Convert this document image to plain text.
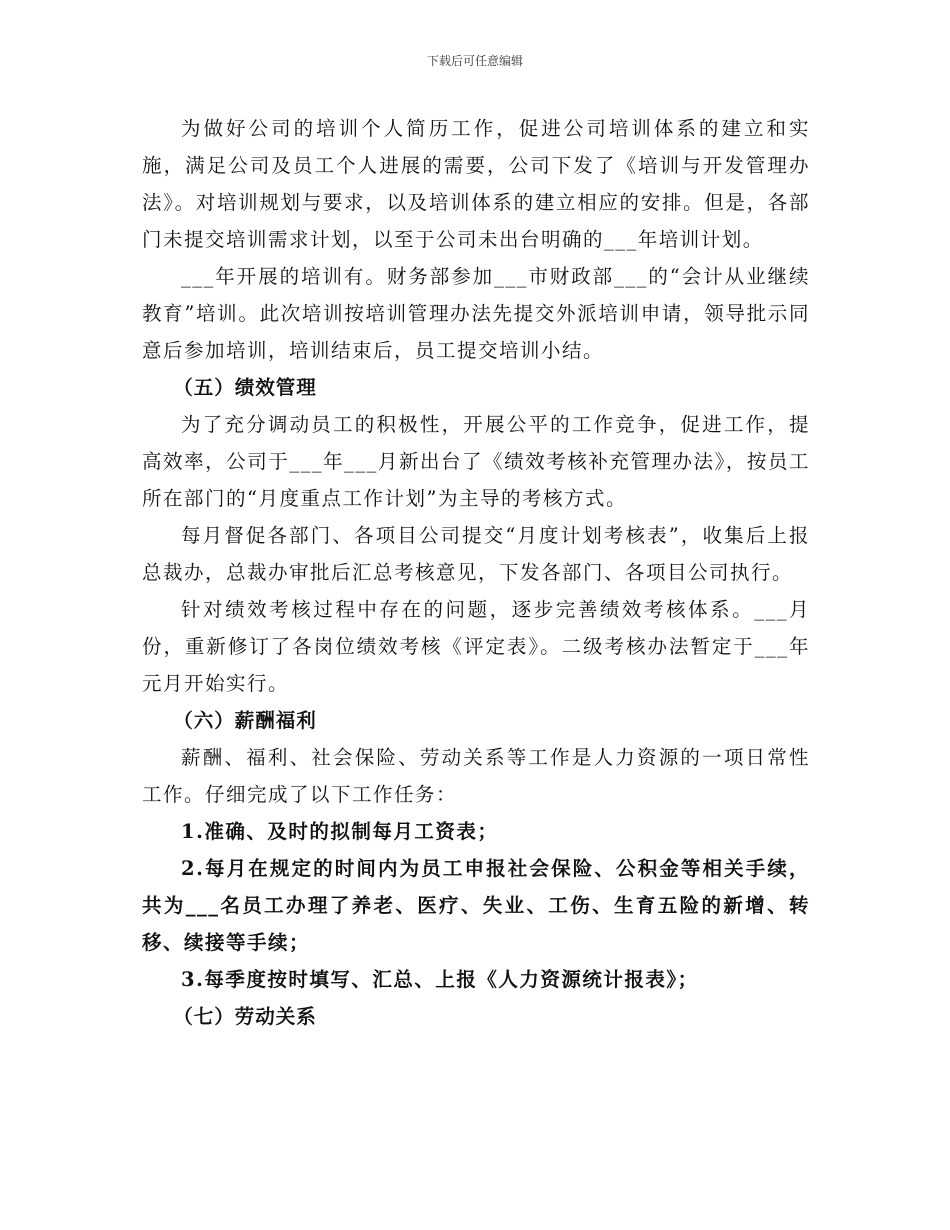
下载后可任意编辑

为做好公司的培训个人简历工作，促进公司培训体系的建立和实施，满足公司及员工个人进展的需要，公司下发了《培训与开发管理办法》。对培训规划与要求，以及培训体系的建立相应的安排。但是，各部门未提交培训需求计划，以至于公司未出台明确的___年培训计划。

___年开展的培训有。财务部参加___市财政部___的“会计从业继续教育”培训。此次培训按培训管理办法先提交外派培训申请，领导批示同意后参加培训，培训结束后，员工提交培训小结。

（五）绩效管理

为了充分调动员工的积极性，开展公平的工作竞争，促进工作，提高效率，公司于___年___月新出台了《绩效考核补充管理办法》，按员工所在部门的“月度重点工作计划”为主导的考核方式。

每月督促各部门、各项目公司提交“月度计划考核表”，收集后上报总裁办，总裁办审批后汇总考核意见，下发各部门、各项目公司执行。

针对绩效考核过程中存在的问题，逐步完善绩效考核体系。___月份，重新修订了各岗位绩效考核《评定表》。二级考核办法暂定于___年元月开始实行。

（六）薪酬福利

薪酬、福利、社会保险、劳动关系等工作是人力资源的一项日常性工作。仔细完成了以下工作任务：

1.准确、及时的拟制每月工资表；

2.每月在规定的时间内为员工申报社会保险、公积金等相关手续，共为___名员工办理了养老、医疗、失业、工伤、生育五险的新增、转移、续接等手续；

3.每季度按时填写、汇总、上报《人力资源统计报表》；

（七）劳动关系
